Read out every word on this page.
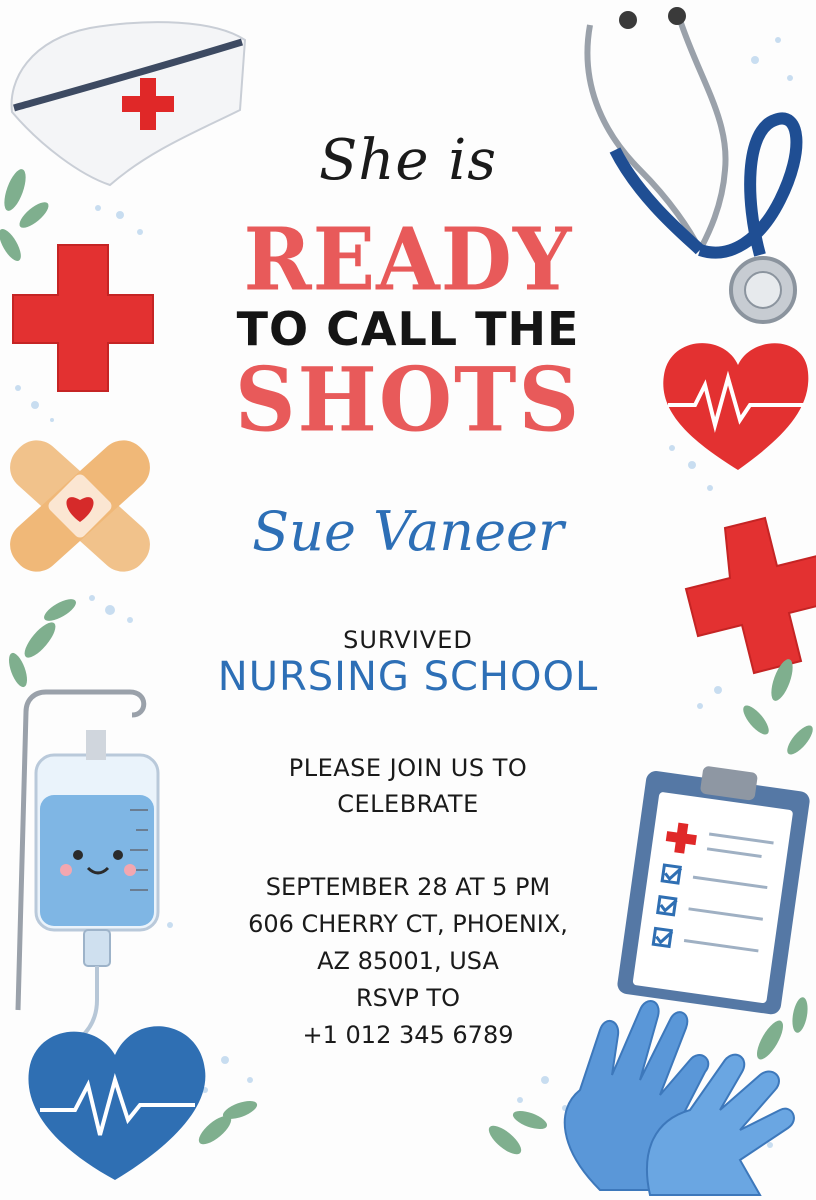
She is
READY
TO CALL THE
SHOTS
Sue Vaneer
SURVIVED
NURSING SCHOOL
PLEASE JOIN US TO
CELEBRATE
SEPTEMBER 28 AT 5 PM
606 CHERRY CT, PHOENIX,
AZ 85001, USA
RSVP TO
+1 012 345 6789
